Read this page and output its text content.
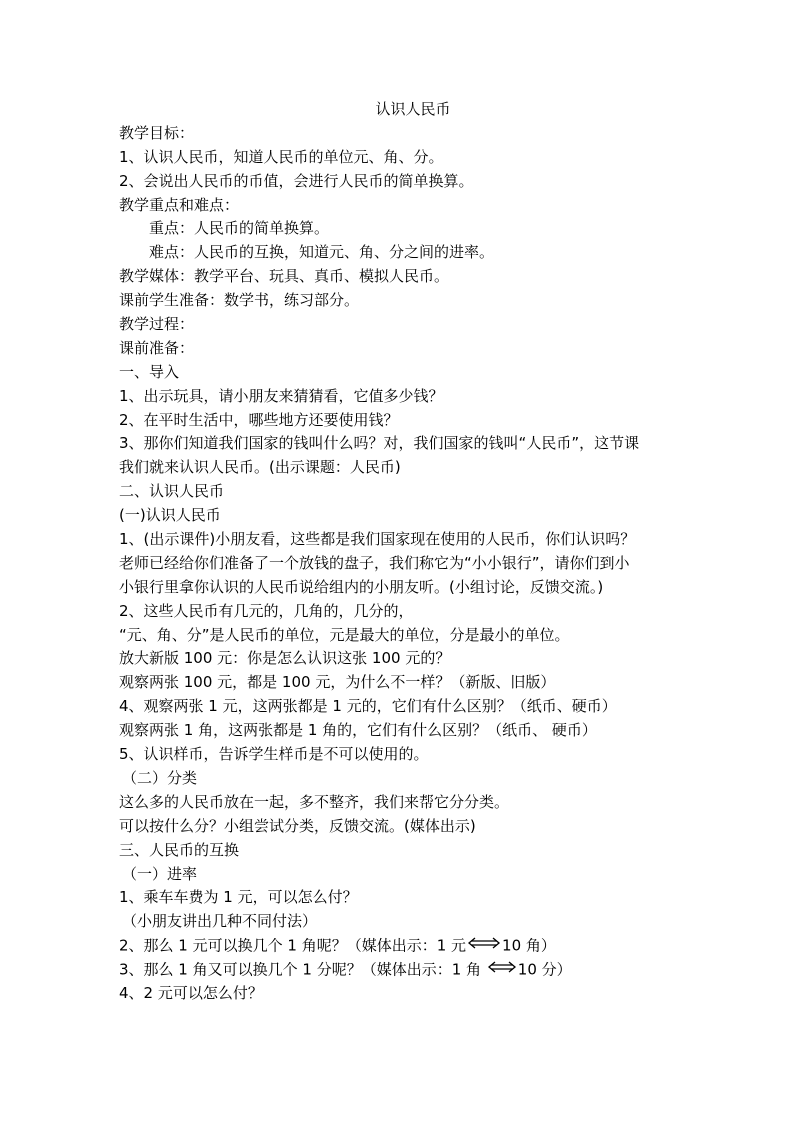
认识人民币
教学目标：
1、认识人民币，知道人民币的单位元、角、分。
2、会说出人民币的币值，会进行人民币的简单换算。
教学重点和难点：
重点：人民币的简单换算。
难点：人民币的互换，知道元、角、分之间的进率。
教学媒体：教学平台、玩具、真币、模拟人民币。
课前学生准备：数学书，练习部分。
教学过程：
课前准备：
一、导入
1、出示玩具，请小朋友来猜猜看，它值多少钱？
2、在平时生活中，哪些地方还要使用钱？
3、那你们知道我们国家的钱叫什么吗？对，我们国家的钱叫“人民币”，这节课
我们就来认识人民币。(出示课题：人民币)
二、认识人民币
(一)认识人民币
1、(出示课件)小朋友看，这些都是我们国家现在使用的人民币，你们认识吗？
老师已经给你们准备了一个放钱的盘子，我们称它为“小小银行”，请你们到小
小银行里拿你认识的人民币说给组内的小朋友听。(小组讨论，反馈交流。)
2、这些人民币有几元的，几角的，几分的，
“元、角、分”是人民币的单位，元是最大的单位，分是最小的单位。
放大新版 100 元：你是怎么认识这张 100 元的？
观察两张 100 元，都是 100 元，为什么不一样？（新版、旧版）
4、观察两张 1 元，这两张都是 1 元的，它们有什么区别？（纸币、硬币）
观察两张 1 角，这两张都是 1 角的，它们有什么区别？（纸币、 硬币）
5、认识样币，告诉学生样币是不可以使用的。
（二）分类
这么多的人民币放在一起，多不整齐，我们来帮它分分类。
可以按什么分？小组尝试分类，反馈交流。(媒体出示)
三、人民币的互换
（一）进率
1、乘车车费为 1 元，可以怎么付？
（小朋友讲出几种不同付法）
2、那么 1 元可以换几个 1 角呢？（媒体出示：1 元 10 角）
3、那么 1 角又可以换几个 1 分呢？（媒体出示：1 角 10 分）
4、2 元可以怎么付？
